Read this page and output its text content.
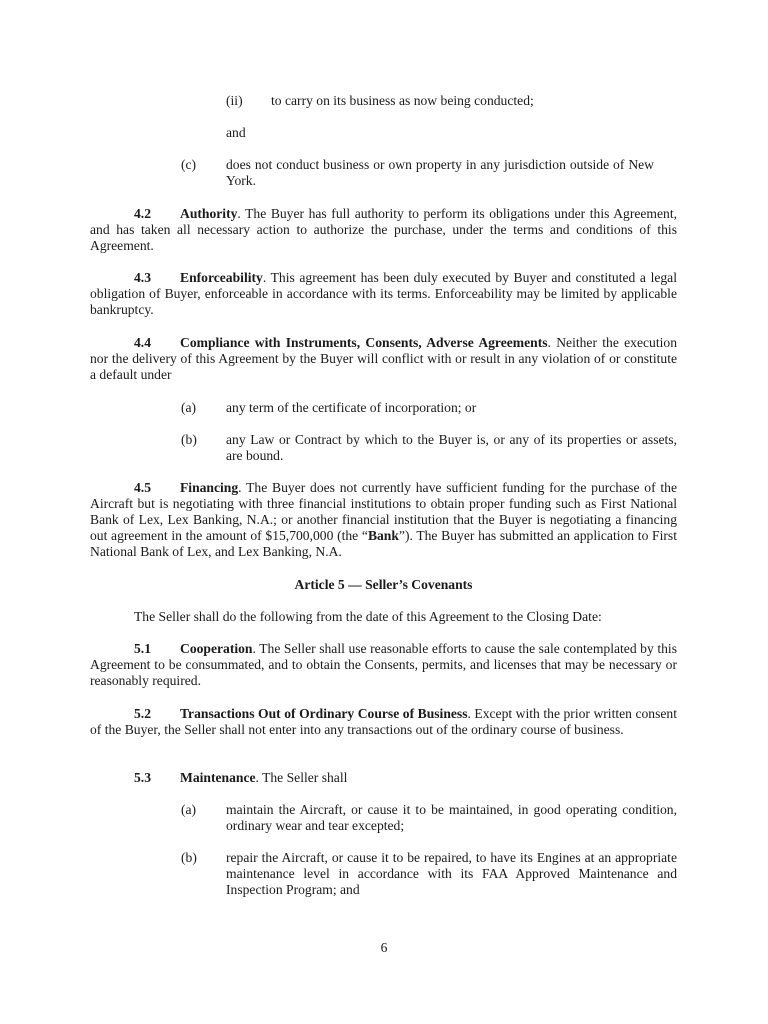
(ii) to carry on its business as now being conducted;
and
(c) does not conduct business or own property in any jurisdiction outside of New York.
4.2 Authority. The Buyer has full authority to perform its obligations under this Agreement, and has taken all necessary action to authorize the purchase, under the terms and conditions of this Agreement.
4.3 Enforceability. This agreement has been duly executed by Buyer and constituted a legal obligation of Buyer, enforceable in accordance with its terms. Enforceability may be limited by applicable bankruptcy.
4.4 Compliance with Instruments, Consents, Adverse Agreements. Neither the execution nor the delivery of this Agreement by the Buyer will conflict with or result in any violation of or constitute a default under
(a) any term of the certificate of incorporation; or
(b) any Law or Contract by which to the Buyer is, or any of its properties or assets, are bound.
4.5 Financing. The Buyer does not currently have sufficient funding for the purchase of the Aircraft but is negotiating with three financial institutions to obtain proper funding such as First National Bank of Lex, Lex Banking, N.A.; or another financial institution that the Buyer is negotiating a financing out agreement in the amount of $15,700,000 (the “Bank”). The Buyer has submitted an application to First National Bank of Lex, and Lex Banking, N.A.
Article 5 — Seller’s Covenants
The Seller shall do the following from the date of this Agreement to the Closing Date:
5.1 Cooperation. The Seller shall use reasonable efforts to cause the sale contemplated by this Agreement to be consummated, and to obtain the Consents, permits, and licenses that may be necessary or reasonably required.
5.2 Transactions Out of Ordinary Course of Business. Except with the prior written consent of the Buyer, the Seller shall not enter into any transactions out of the ordinary course of business.
5.3 Maintenance. The Seller shall
(a) maintain the Aircraft, or cause it to be maintained, in good operating condition, ordinary wear and tear excepted;
(b) repair the Aircraft, or cause it to be repaired, to have its Engines at an appropriate maintenance level in accordance with its FAA Approved Maintenance and Inspection Program; and
6
